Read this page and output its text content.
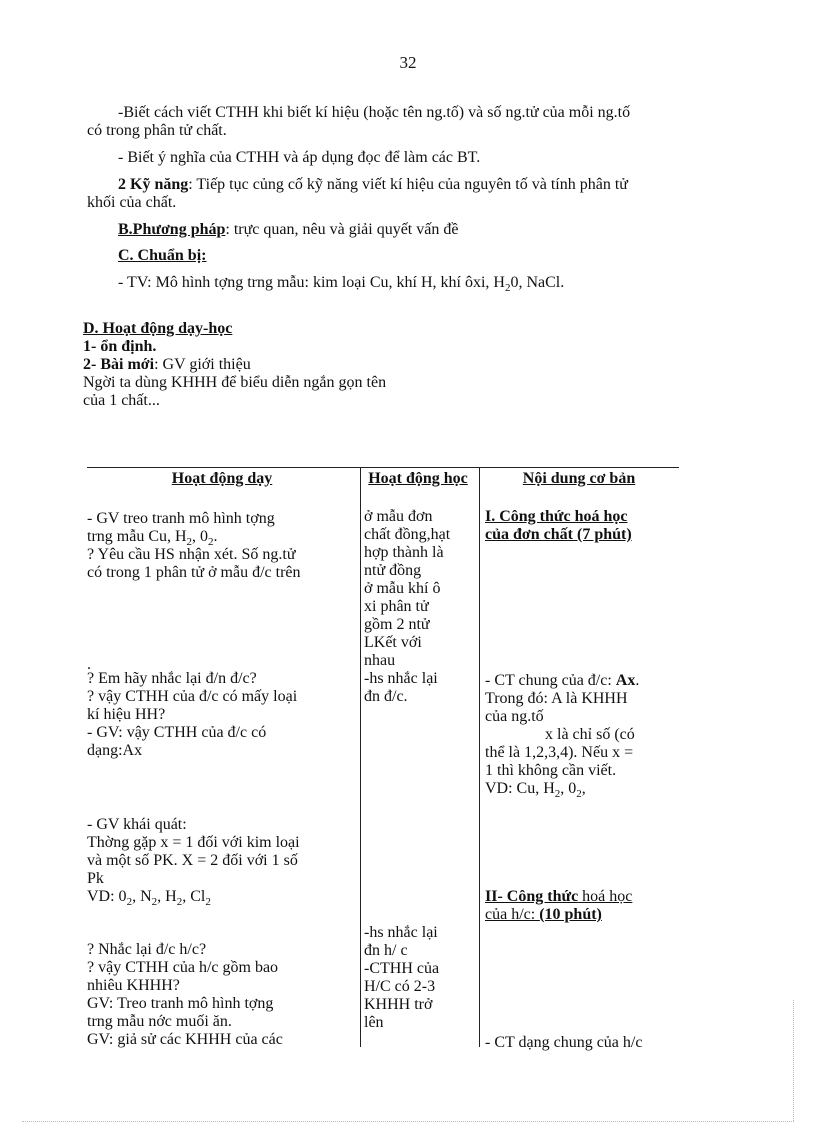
32
-Biết cách viết CTHH khi biết kí hiệu (hoặc tên ng.tố) và số ng.tử của mỗi ng.tố
có trong phân tử chất.
- Biết ý nghĩa của CTHH và áp dụng đọc để làm các BT.
2 Kỹ năng: Tiếp tục củng cố kỹ năng viết kí hiệu của nguyên tố và tính phân tử
khối của chất.
B.Phương pháp: trực quan, nêu và giải quyết vấn đề
C. Chuẩn bị:
- TV: Mô hình tợng trng mẫu: kim loại Cu, khí H, khí ôxi, $H_20$, NaCl.
D. Hoạt động dạy-học
1- ổn định.
2- Bài mới: GV giới thiệu
Ngời ta dùng KHHH để biểu diễn ngắn gọn tên
của 1 chất...
Hoạt động dạy	Hoạt động học	Nội dung cơ bản
- GV treo tranh mô hình tợng
trng mẫu Cu, $H_2$, $0_2$.
? Yêu cầu HS nhận xét. Số ng.tử
có trong 1 phân tử ở mẫu đ/c trên
.
? Em hãy nhắc lại đ/n đ/c?
? vậy CTHH của đ/c có mấy loại
kí hiệu HH?
- GV: vậy CTHH của đ/c có
dạng:Ax
- GV khái quát:
Thờng gặp x = 1 đối với kim loại
và một số PK. X = 2 đối với 1 số
Pk
VD: $0_2$, $N_2$, $H_2$, $Cl_2$
? Nhắc lại đ/c h/c?
? vậy CTHH của h/c gồm bao
nhiêu KHHH?
GV: Treo tranh mô hình tợng
trng mẫu nớc muối ăn.
GV: giả sử các KHHH của các
ở mẫu đơn
chất đồng,hạt
hợp thành là
ntử đồng
ở mẫu khí ô
xi phân tử
gồm 2 ntử
LKết với
nhau
-hs nhắc lại
đn đ/c.
-hs nhắc lại
đn h/ c
-CTHH của
H/C có 2-3
KHHH trở
lên
I. Công thức hoá học
của đơn chất (7 phút)
- CT chung của đ/c: Ax.
Trong đó: A là KHHH
của ng.tố
x là chỉ số (có
thể là 1,2,3,4). Nếu x =
1 thì không cần viết.
VD: Cu, $H_2$, $0_2$,
II- Công thức hoá học
của h/c: (10 phút)
- CT dạng chung của h/c
